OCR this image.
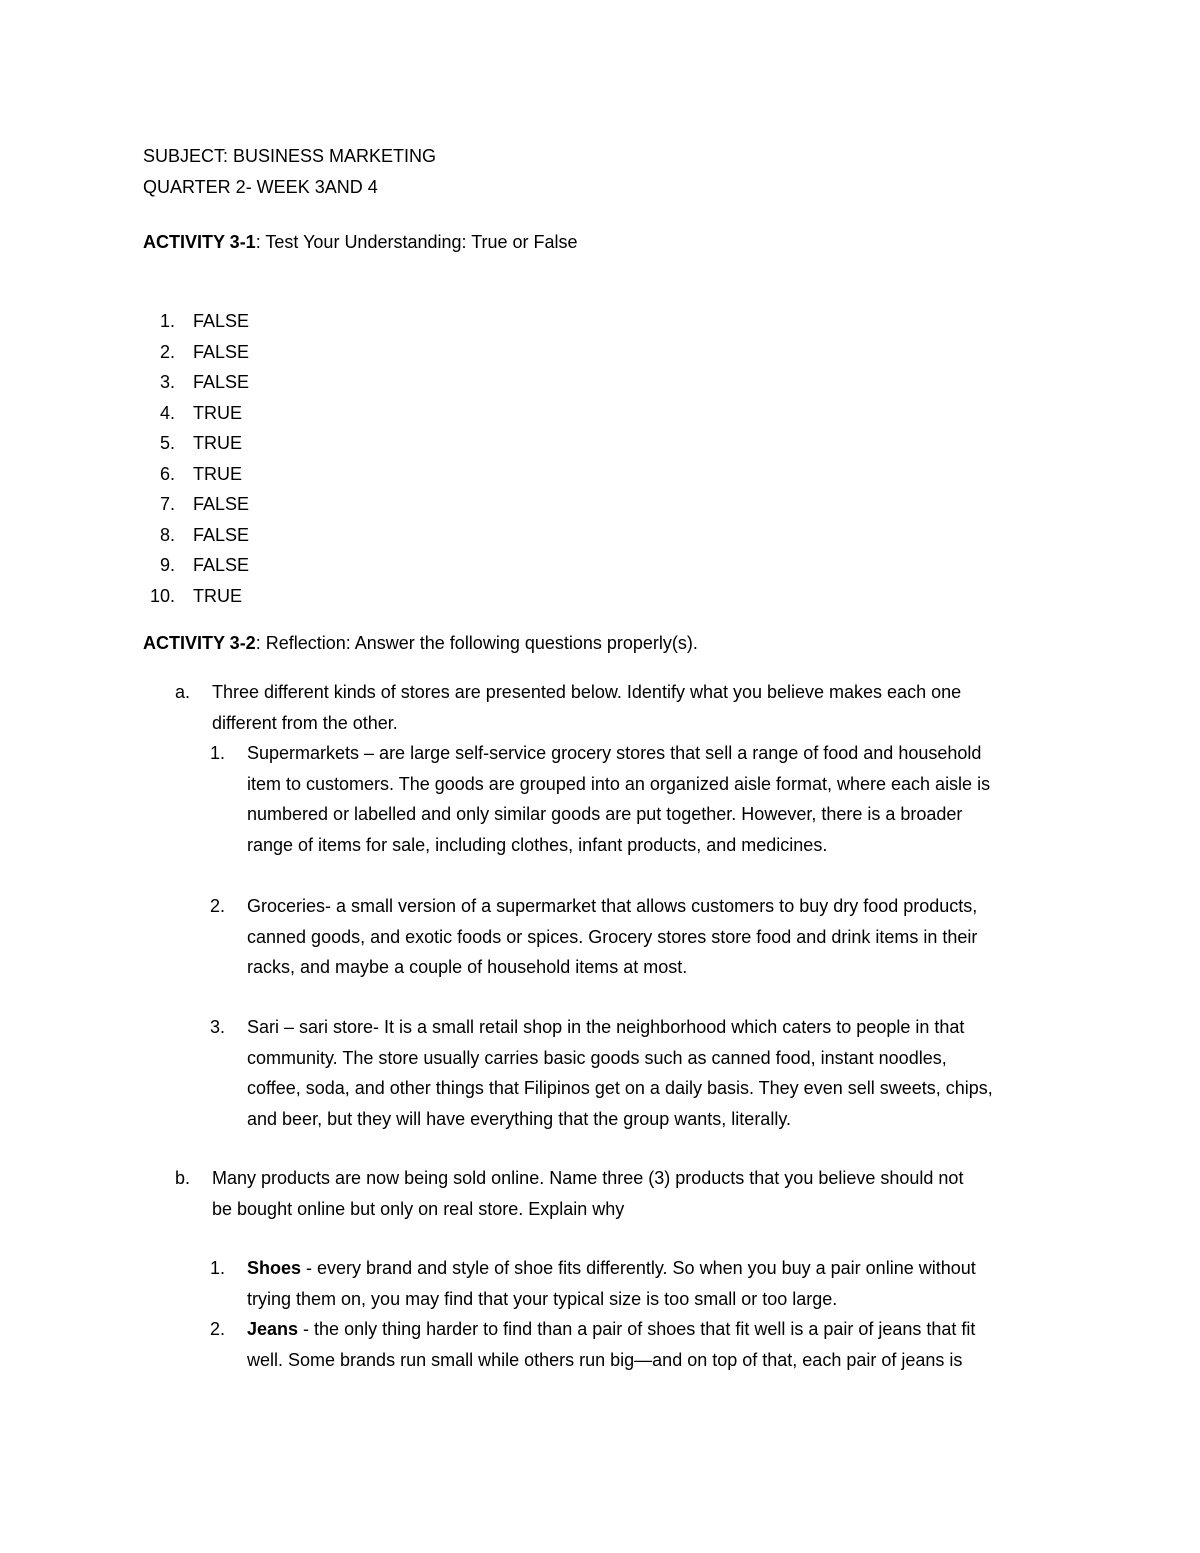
SUBJECT: BUSINESS MARKETING

QUARTER 2- WEEK 3AND 4

ACTIVITY 3-1: Test Your Understanding: True or False

1.	FALSE
2.	FALSE
3.	FALSE
4.	TRUE
5.	TRUE
6.	TRUE
7.	FALSE
8.	FALSE
9.	FALSE
10.	TRUE

ACTIVITY 3-2: Reflection: Answer the following questions properly(s).

a.	Three different kinds of stores are presented below. Identify what you believe makes each one

different from the other.

1.	Supermarkets – are large self-service grocery stores that sell a range of food and household

item to customers. The goods are grouped into an organized aisle format, where each aisle is

numbered or labelled and only similar goods are put together. However, there is a broader

range of items for sale, including clothes, infant products, and medicines.

2.	Groceries- a small version of a supermarket that allows customers to buy dry food products,

canned goods, and exotic foods or spices. Grocery stores store food and drink items in their

racks, and maybe a couple of household items at most.

3.	Sari – sari store- It is a small retail shop in the neighborhood which caters to people in that

community. The store usually carries basic goods such as canned food, instant noodles,

coffee, soda, and other things that Filipinos get on a daily basis. They even sell sweets, chips,

and beer, but they will have everything that the group wants, literally.

b.	Many products are now being sold online. Name three (3) products that you believe should not

be bought online but only on real store. Explain why

1.	Shoes - every brand and style of shoe fits differently. So when you buy a pair online without

trying them on, you may find that your typical size is too small or too large.

2.	Jeans - the only thing harder to find than a pair of shoes that fit well is a pair of jeans that fit

well. Some brands run small while others run big—and on top of that, each pair of jeans is
